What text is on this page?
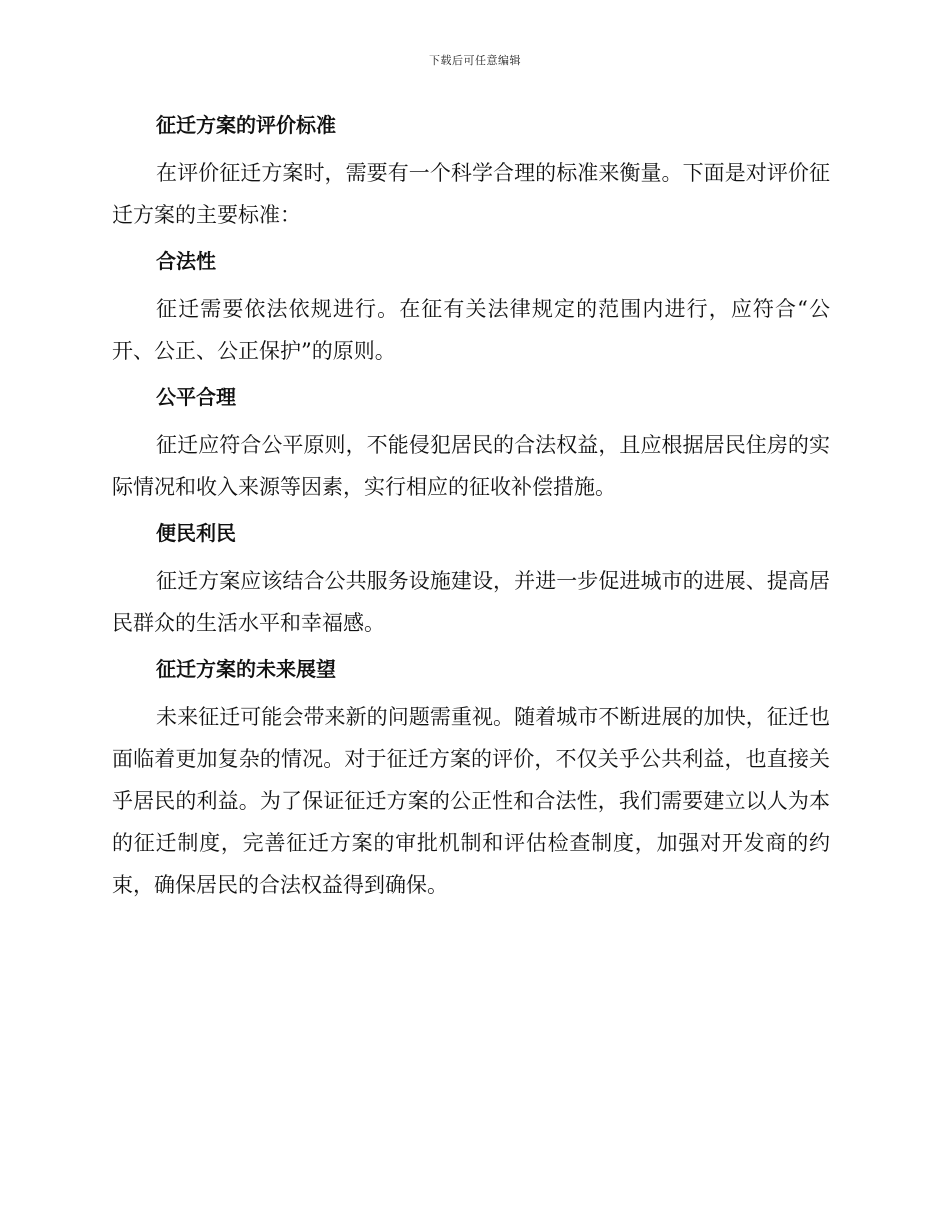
下载后可任意编辑
征迁方案的评价标准

在评价征迁方案时，需要有一个科学合理的标准来衡量。下面是对评价征迁方案的主要标准：

合法性

征迁需要依法依规进行。在征有关法律规定的范围内进行，应符合“公开、公正、公正保护”的原则。

公平合理

征迁应符合公平原则，不能侵犯居民的合法权益，且应根据居民住房的实际情况和收入来源等因素，实行相应的征收补偿措施。

便民利民

征迁方案应该结合公共服务设施建设，并进一步促进城市的进展、提高居民群众的生活水平和幸福感。

征迁方案的未来展望

未来征迁可能会带来新的问题需重视。随着城市不断进展的加快，征迁也面临着更加复杂的情况。对于征迁方案的评价，不仅关乎公共利益，也直接关乎居民的利益。为了保证征迁方案的公正性和合法性，我们需要建立以人为本的征迁制度，完善征迁方案的审批机制和评估检查制度，加强对开发商的约束，确保居民的合法权益得到确保。
